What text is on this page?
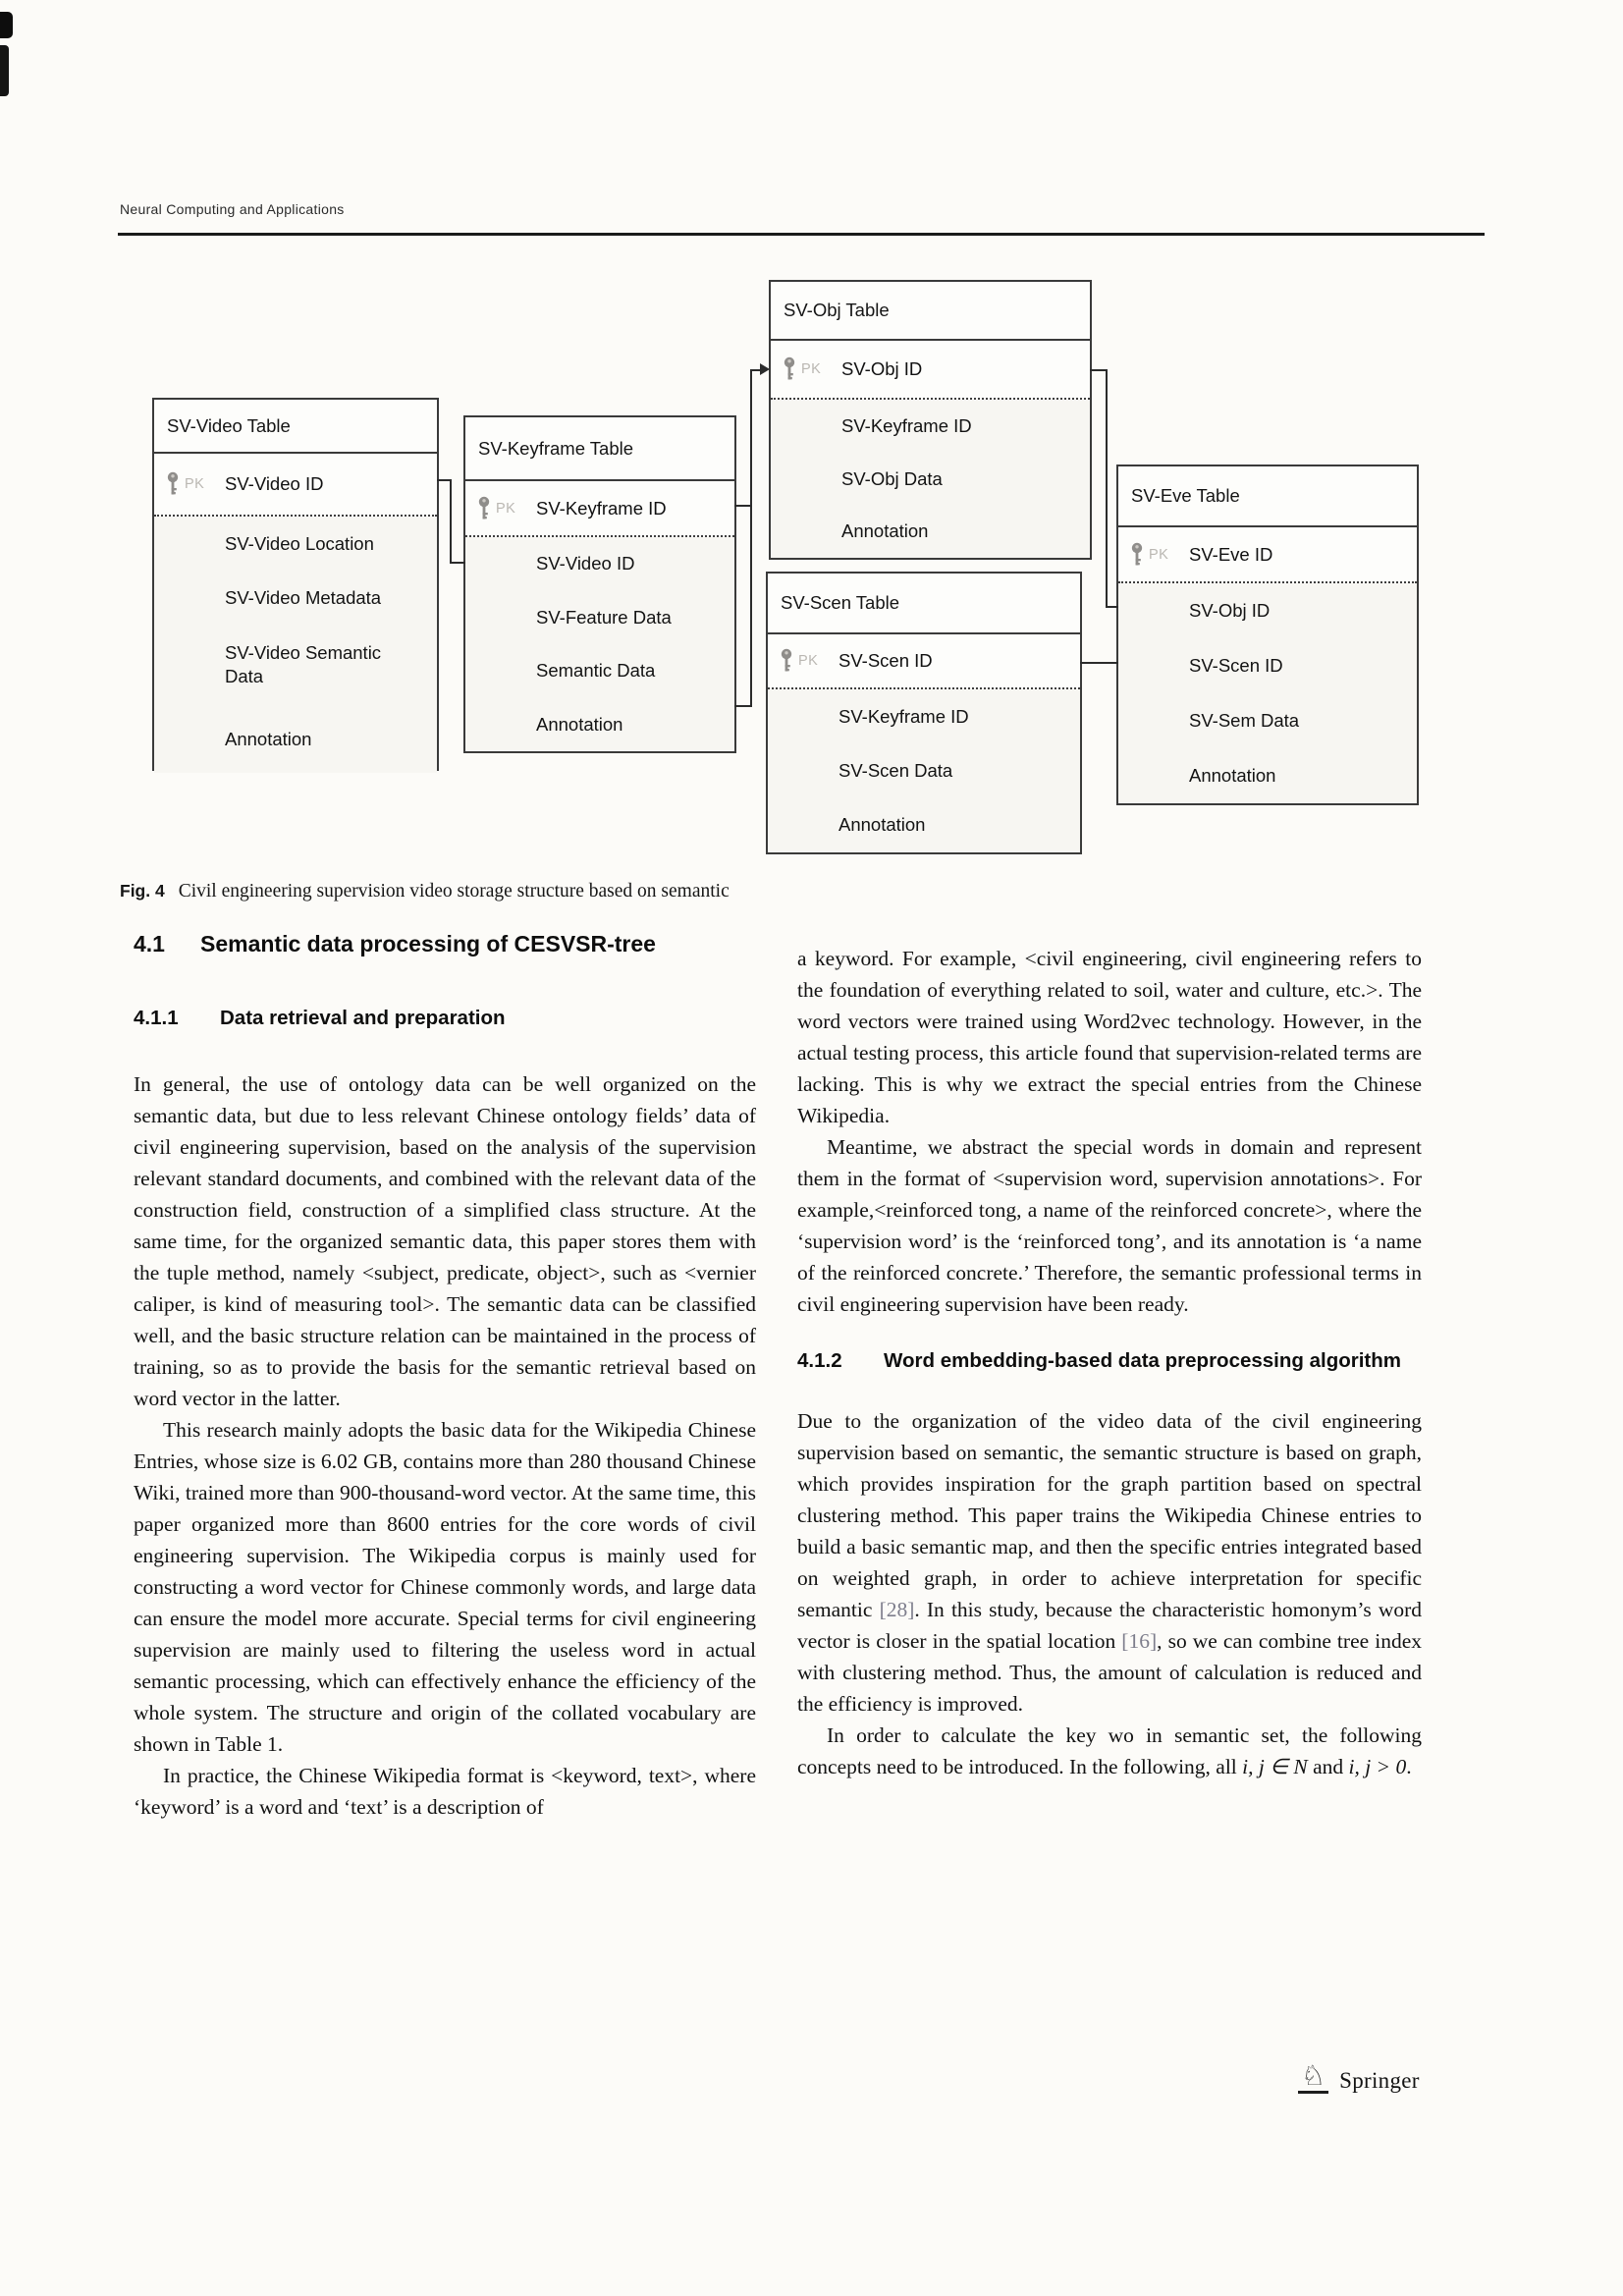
Neural Computing and Applications
SV-Video Table
PK SV-Video ID
SV-Video Location
SV-Video Metadata
SV-Video Semantic Data
Annotation
SV-Keyframe Table
PK SV-Keyframe ID
SV-Video ID
SV-Feature Data
Semantic Data
Annotation
SV-Obj Table
PK SV-Obj ID
SV-Keyframe ID
SV-Obj Data
Annotation
SV-Scen Table
PK SV-Scen ID
SV-Keyframe ID
SV-Scen Data
Annotation
SV-Eve Table
PK SV-Eve ID
SV-Obj ID
SV-Scen ID
SV-Sem Data
Annotation
Fig. 4 Civil engineering supervision video storage structure based on semantic
4.1	Semantic data processing of CESVSR-tree
4.1.1	Data retrieval and preparation

In general, the use of ontology data can be well organized on the semantic data, but due to less relevant Chinese ontology fields’ data of civil engineering supervision, based on the analysis of the supervision relevant standard documents, and combined with the relevant data of the construction field, construction of a simplified class structure. At the same time, for the organized semantic data, this paper stores them with the tuple method, namely <subject, predicate, object>, such as <vernier caliper, is kind of measuring tool>. The semantic data can be classified well, and the basic structure relation can be maintained in the process of training, so as to provide the basis for the semantic retrieval based on word vector in the latter.

This research mainly adopts the basic data for the Wikipedia Chinese Entries, whose size is 6.02 GB, contains more than 280 thousand Chinese Wiki, trained more than 900-thousand-word vector. At the same time, this paper organized more than 8600 entries for the core words of civil engineering supervision. The Wikipedia corpus is mainly used for constructing a word vector for Chinese commonly words, and large data can ensure the model more accurate. Special terms for civil engineering supervision are mainly used to filtering the useless word in actual semantic processing, which can effectively enhance the efficiency of the whole system. The structure and origin of the collated vocabulary are shown in Table 1.

In practice, the Chinese Wikipedia format is <keyword, text>, where ‘keyword’ is a word and ‘text’ is a description of

a keyword. For example, <civil engineering, civil engineering refers to the foundation of everything related to soil, water and culture, etc.>. The word vectors were trained using Word2vec technology. However, in the actual testing process, this article found that supervision-related terms are lacking. This is why we extract the special entries from the Chinese Wikipedia.

Meantime, we abstract the special words in domain and represent them in the format of <supervision word, supervision annotations>. For example,<reinforced tong, a name of the reinforced concrete>, where the ‘supervision word’ is the ‘reinforced tong’, and its annotation is ‘a name of the reinforced concrete.’ Therefore, the semantic professional terms in civil engineering supervision have been ready.

4.1.2	Word embedding-based data preprocessing algorithm

Due to the organization of the video data of the civil engineering supervision based on semantic, the semantic structure is based on graph, which provides inspiration for the graph partition based on spectral clustering method. This paper trains the Wikipedia Chinese entries to build a basic semantic map, and then the specific entries integrated based on weighted graph, in order to achieve interpretation for specific semantic [28]. In this study, because the characteristic homonym’s word vector is closer in the spatial location [16], so we can combine tree index with clustering method. Thus, the amount of calculation is reduced and the efficiency is improved.

In order to calculate the key wo in semantic set, the following concepts need to be introduced. In the following, all i, j ∈ N and i, j > 0.

♘ Springer
